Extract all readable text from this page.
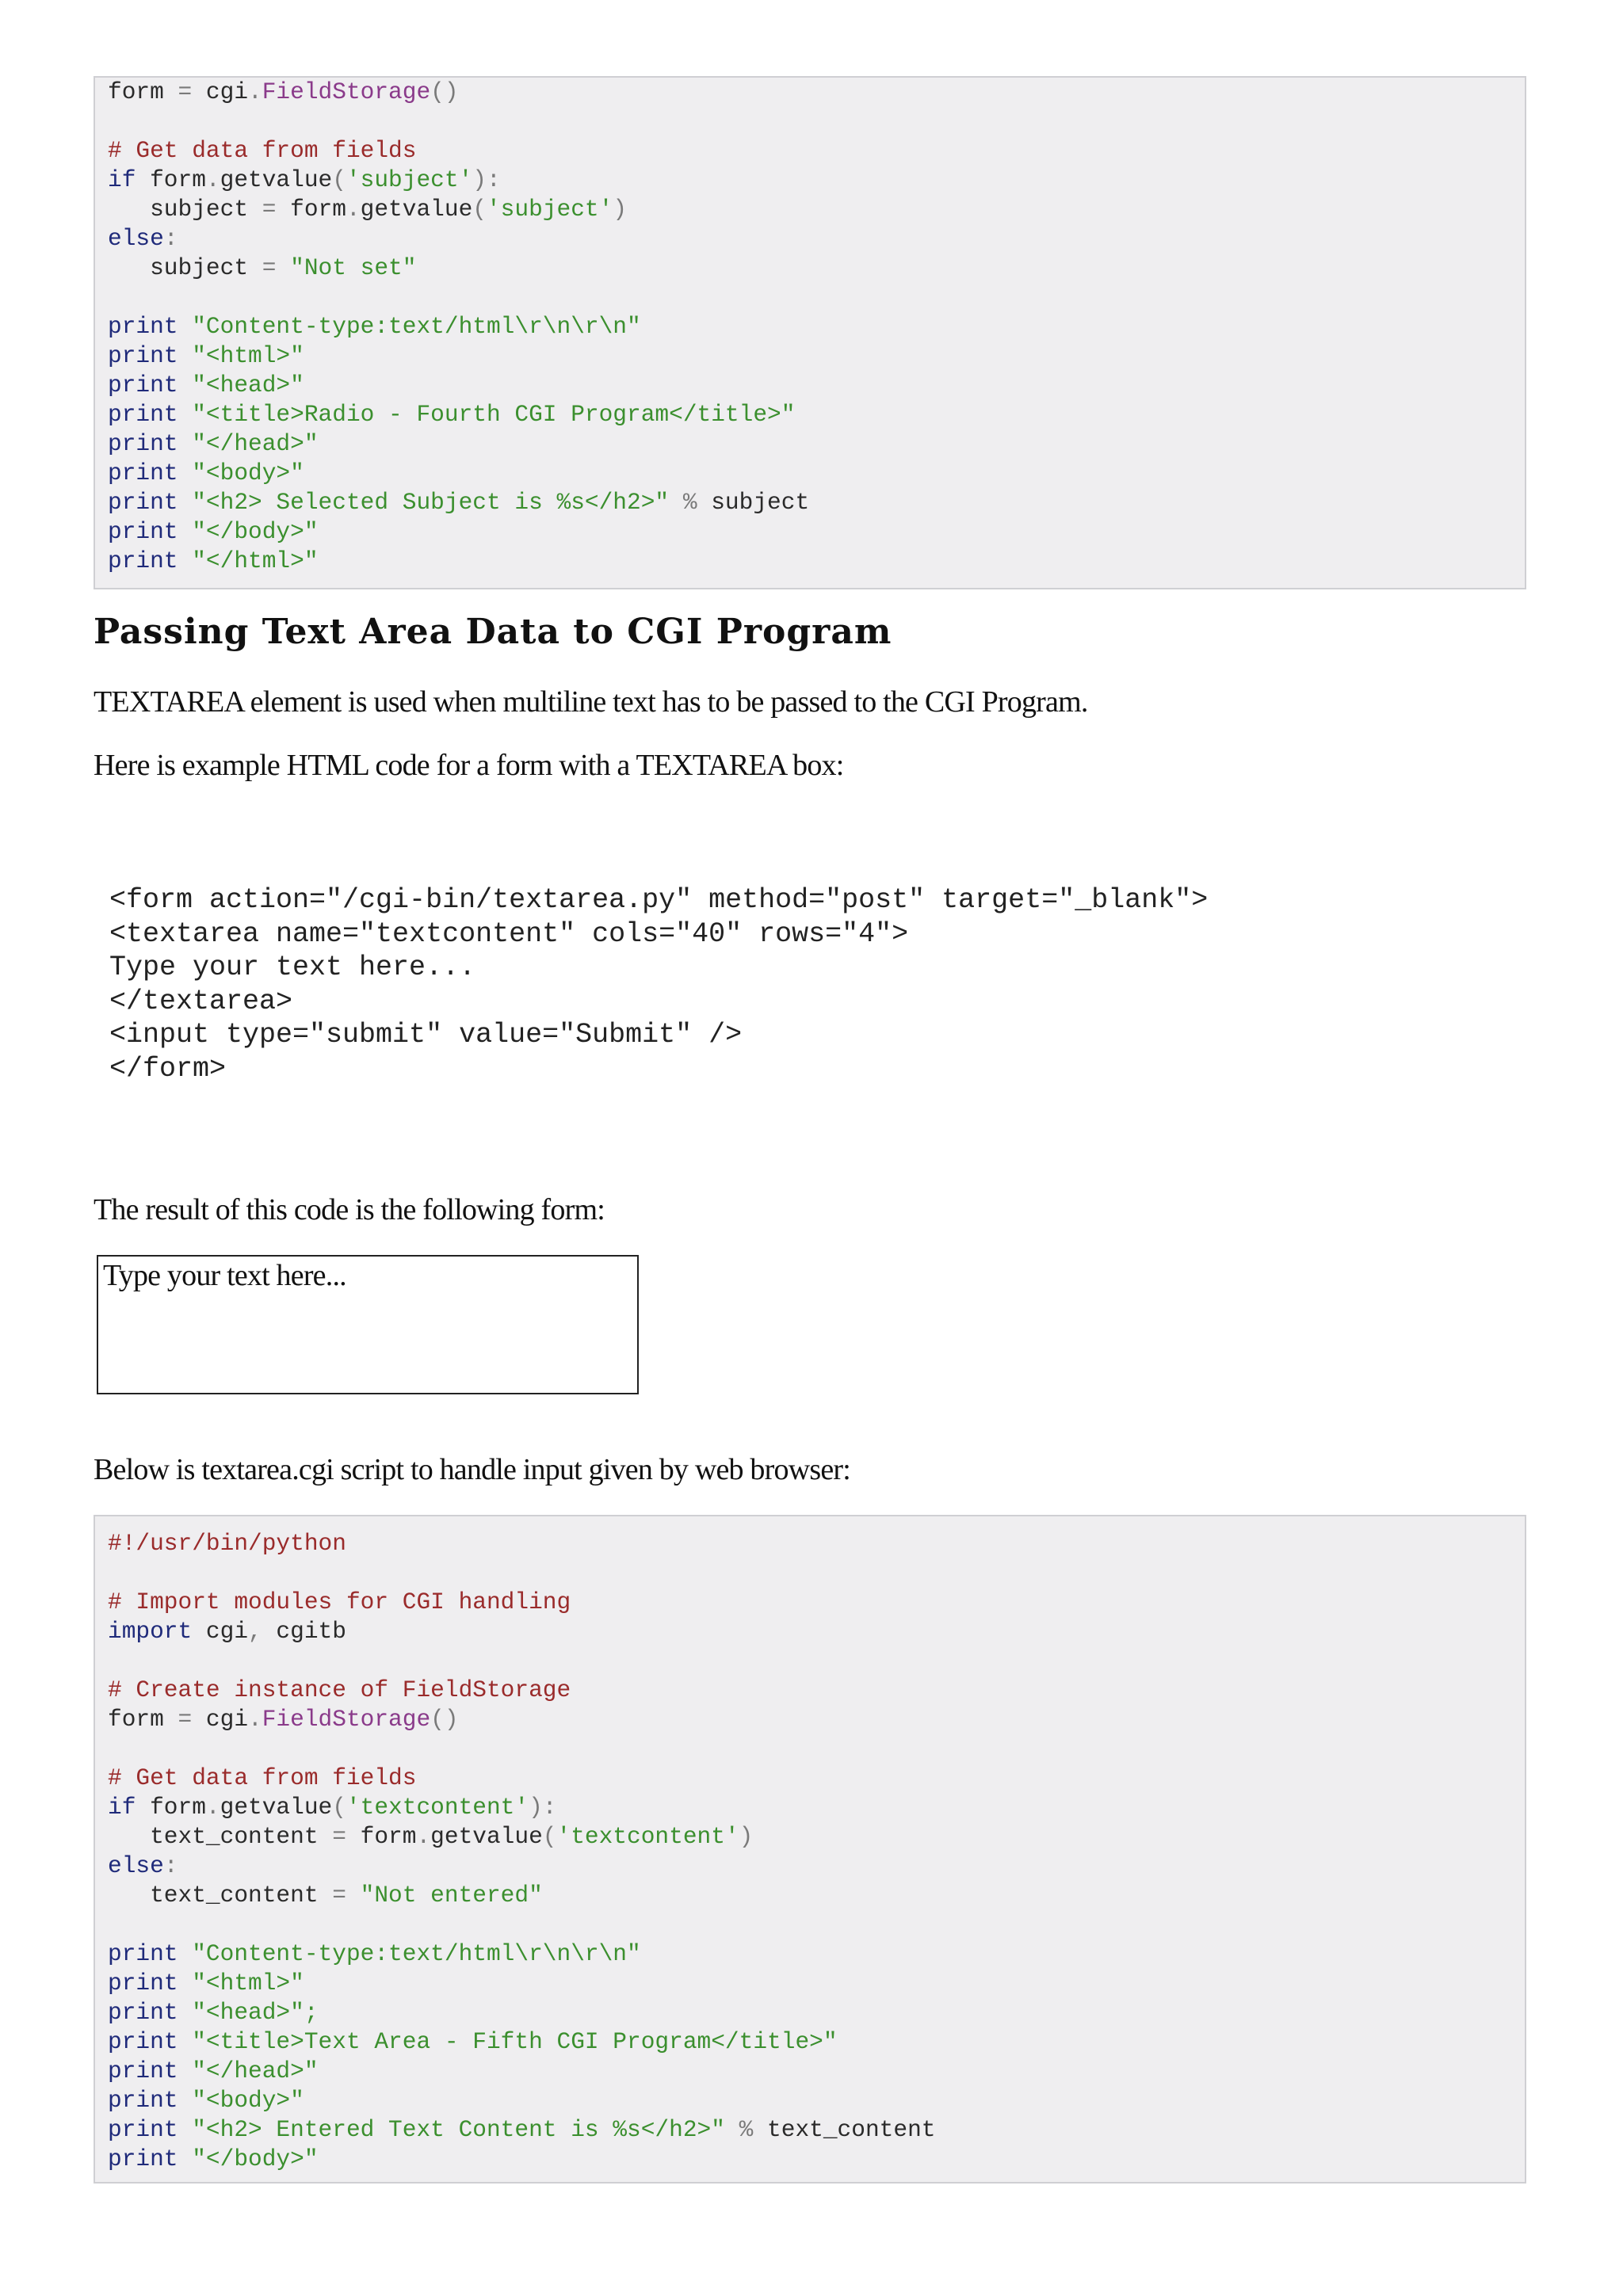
form = cgi.FieldStorage()
# Get data from fields
if form.getvalue('subject'):
subject = form.getvalue('subject')
else:
subject = "Not set"
print "Content-type:text/html\r\n\r\n"
print "<html>"
print "<head>"
print "<title>Radio - Fourth CGI Program</title>"
print "</head>"
print "<body>"
print "<h2> Selected Subject is %s</h2>" % subject
print "</body>"
print "</html>"
Passing Text Area Data to CGI Program

TEXTAREA element is used when multiline text has to be passed to the CGI Program.

Here is example HTML code for a form with a TEXTAREA box:

<form action="/cgi-bin/textarea.py" method="post" target="_blank">
<textarea name="textcontent" cols="40" rows="4">
Type your text here...
</textarea>
<input type="submit" value="Submit" />
</form>

The result of this code is the following form:

Type your text here...

Below is textarea.cgi script to handle input given by web browser:

#!/usr/bin/python
# Import modules for CGI handling
import cgi, cgitb
# Create instance of FieldStorage
form = cgi.FieldStorage()
# Get data from fields
if form.getvalue('textcontent'):
text_content = form.getvalue('textcontent')
else:
text_content = "Not entered"
print "Content-type:text/html\r\n\r\n"
print "<html>"
print "<head>";
print "<title>Text Area - Fifth CGI Program</title>"
print "</head>"
print "<body>"
print "<h2> Entered Text Content is %s</h2>" % text_content
print "</body>"
